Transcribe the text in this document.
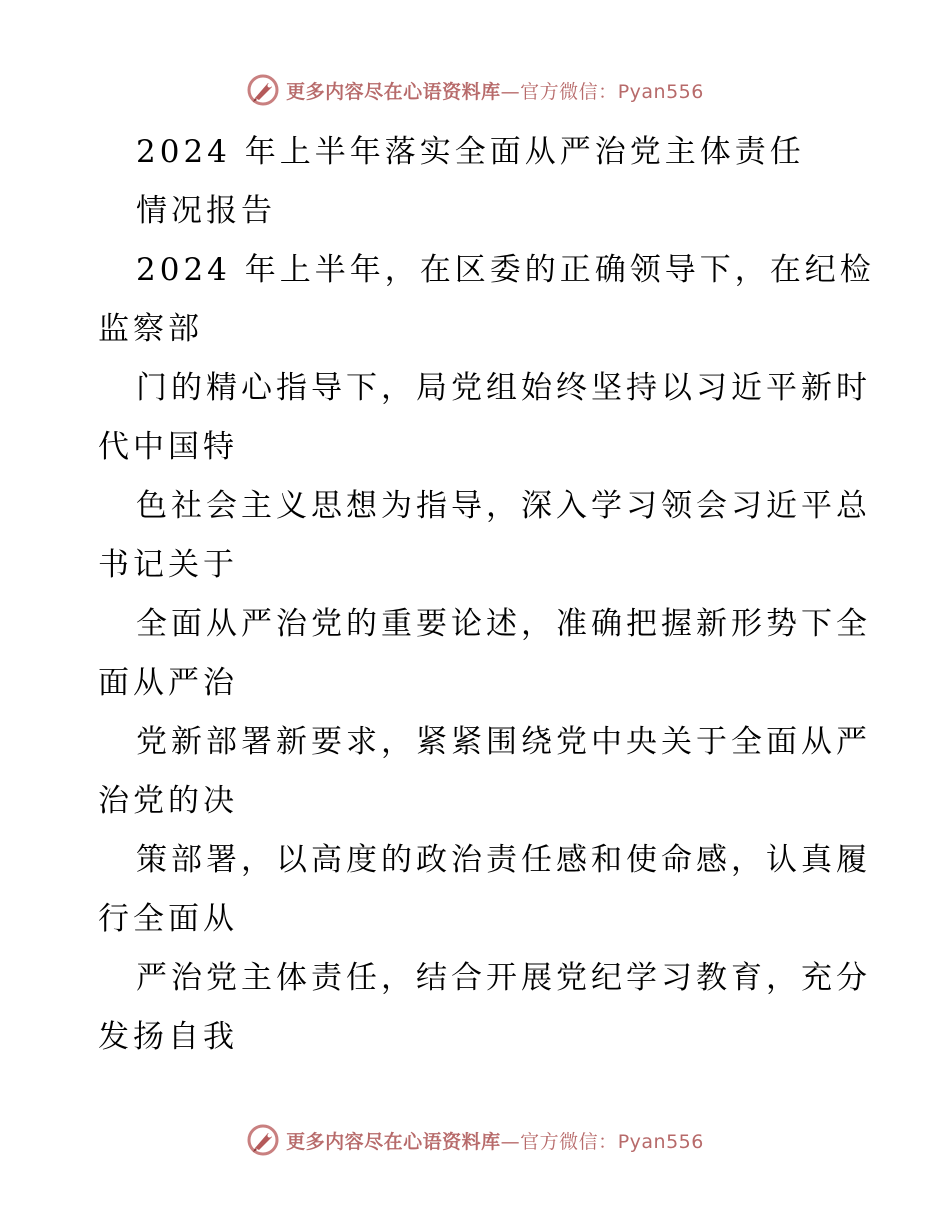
更多内容尽在心语资料库—官方微信：Pyan556
2024 年上半年落实全面从严治党主体责任
情况报告
2024 年上半年，在区委的正确领导下，在纪检
监察部
门的精心指导下，局党组始终坚持以习近平新时
代中国特
色社会主义思想为指导，深入学习领会习近平总
书记关于
全面从严治党的重要论述，准确把握新形势下全
面从严治
党新部署新要求，紧紧围绕党中央关于全面从严
治党的决
策部署，以高度的政治责任感和使命感，认真履
行全面从
严治党主体责任，结合开展党纪学习教育，充分
发扬自我
更多内容尽在心语资料库—官方微信：Pyan556
